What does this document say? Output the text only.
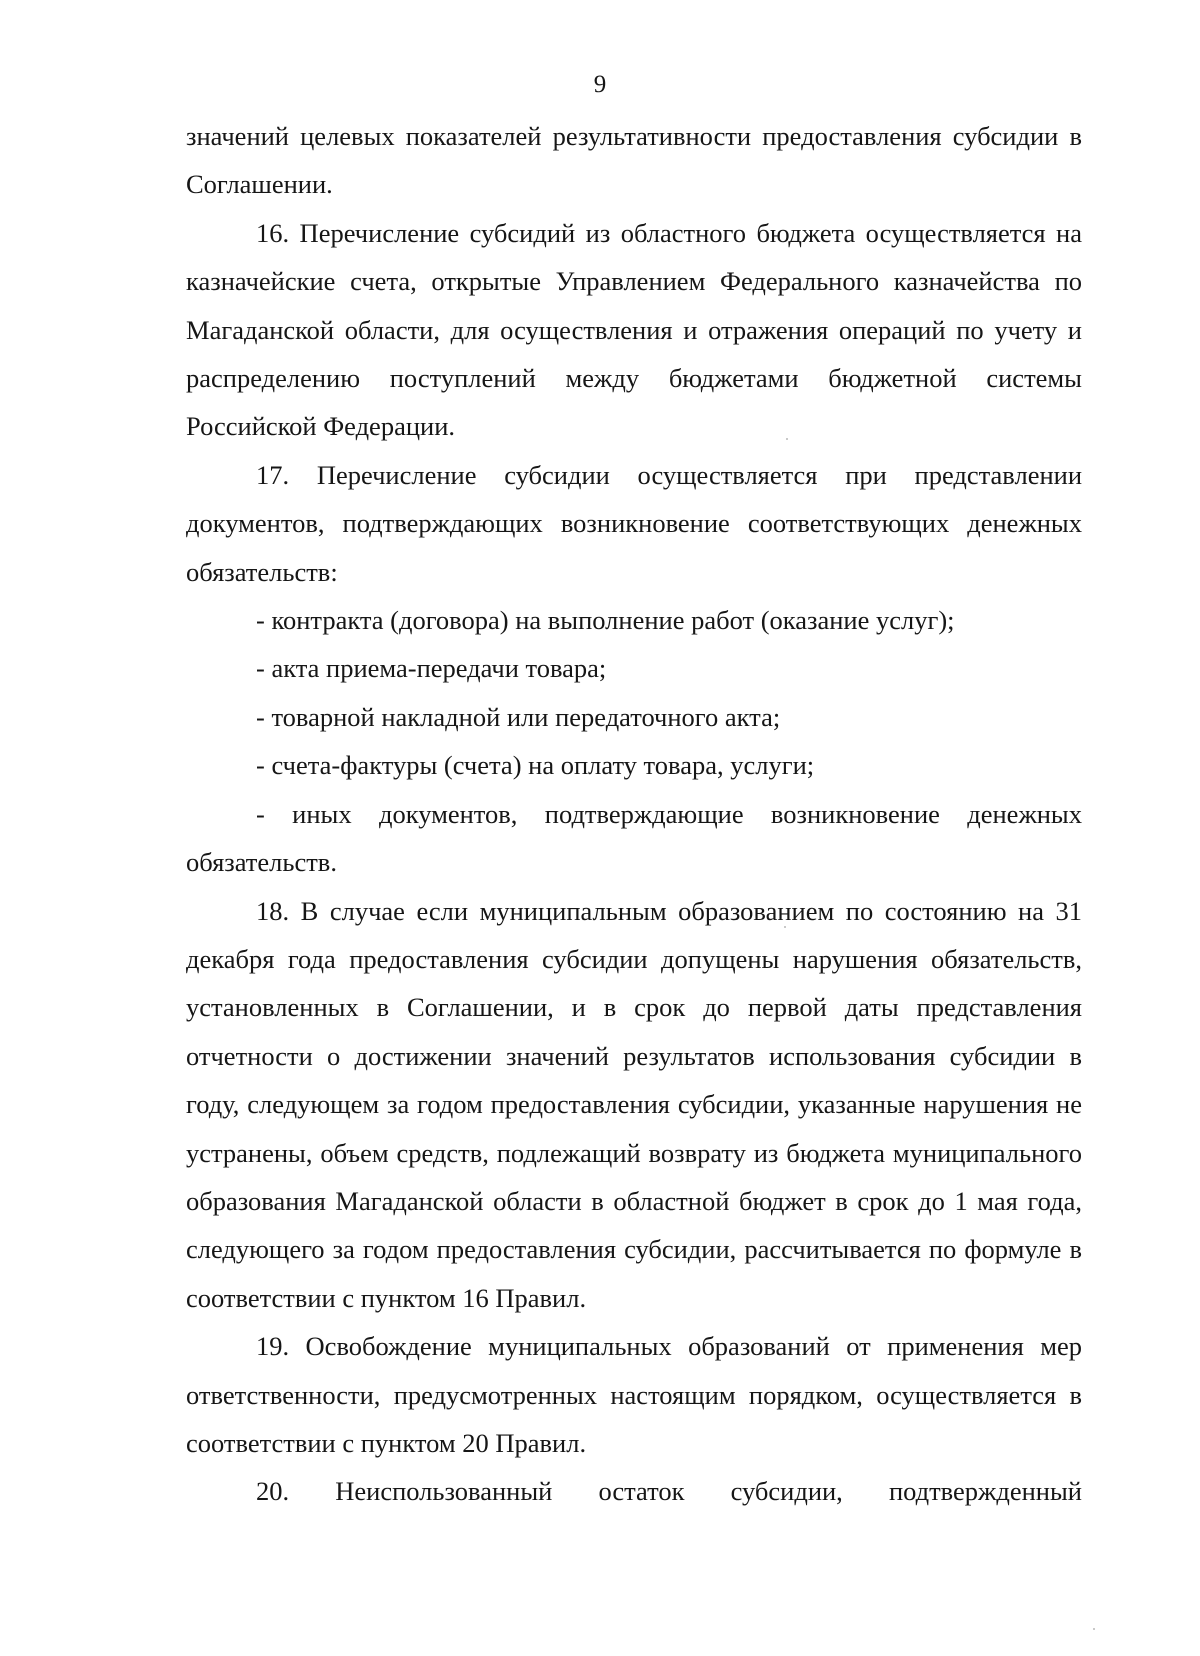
9

значений целевых показателей результативности предоставления субсидии в Соглашении.

16. Перечисление субсидий из областного бюджета осуществляется на казначейские счета, открытые Управлением Федерального казначейства по Магаданской области, для осуществления и отражения операций по учету и распределению поступлений между бюджетами бюджетной системы Российской Федерации.

17. Перечисление субсидии осуществляется при представлении документов, подтверждающих возникновение соответствующих денежных обязательств:

- контракта (договора) на выполнение работ (оказание услуг);

- акта приема-передачи товара;

- товарной накладной или передаточного акта;

- счета-фактуры (счета) на оплату товара, услуги;

- иных документов, подтверждающие возникновение денежных обязательств.

18. В случае если муниципальным образованием по состоянию на 31 декабря года предоставления субсидии допущены нарушения обязательств, установленных в Соглашении, и в срок до первой даты представления отчетности о достижении значений результатов использования субсидии в году, следующем за годом предоставления субсидии, указанные нарушения не устранены, объем средств, подлежащий возврату из бюджета муниципального образования Магаданской области в областной бюджет в срок до 1 мая года, следующего за годом предоставления субсидии, рассчитывается по формуле в соответствии с пунктом 16 Правил.

19. Освобождение муниципальных образований от применения мер ответственности, предусмотренных настоящим порядком, осуществляется в соответствии с пунктом 20 Правил.

20. Неиспользованный остаток субсидии, подтвержденный
